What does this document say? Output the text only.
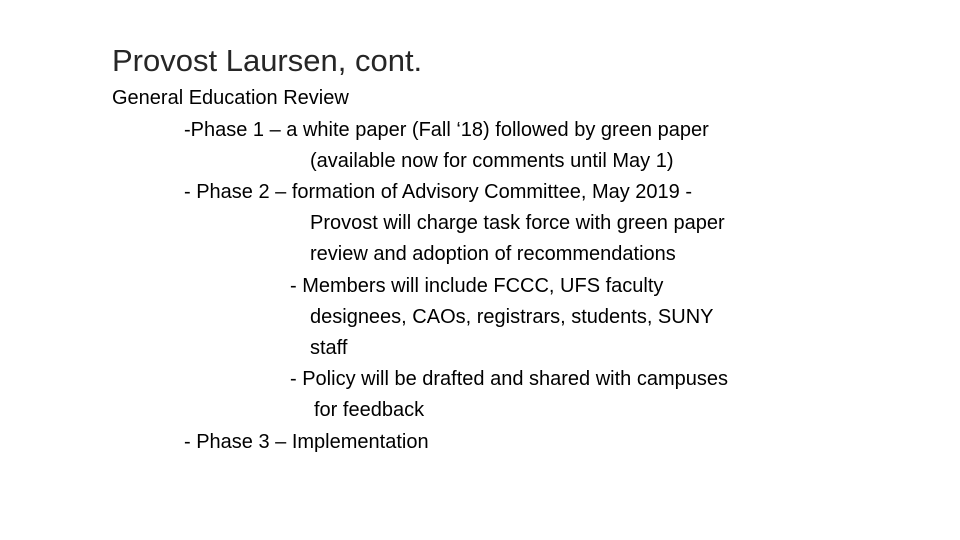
Provost Laursen, cont.
General Education Review
-Phase 1 – a white paper (Fall ‘18) followed by green paper
(available now for comments until May 1)
- Phase 2 – formation of Advisory Committee, May 2019 -
Provost will charge task force with green paper
review and adoption of recommendations
- Members will include FCCC, UFS faculty
designees, CAOs, registrars, students, SUNY
staff
- Policy will be drafted and shared with campuses
for feedback
- Phase 3 – Implementation
